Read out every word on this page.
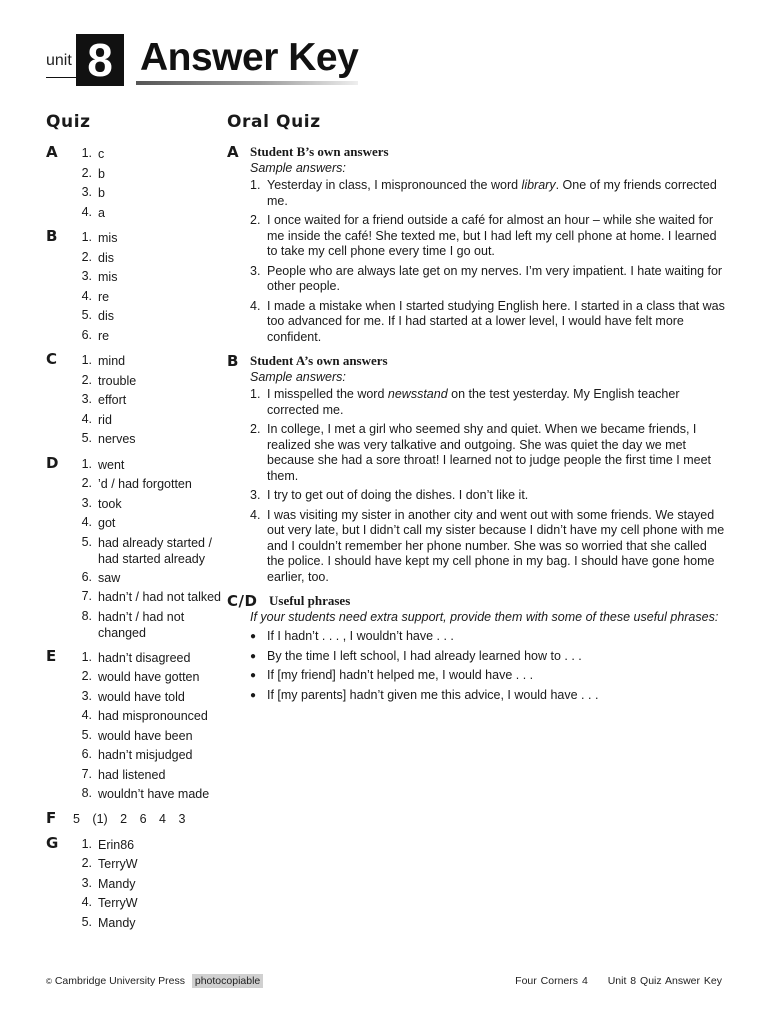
unit 8 Answer Key
Quiz
A	1. c
2. b
3. b
4. a
B	1. mis
2. dis
3. mis
4. re
5. dis
6. re
C	1. mind
2. trouble
3. effort
4. rid
5. nerves
D	1. went
2. ’d / had forgotten
3. took
4. got
5. had already started / had started already
6. saw
7. hadn’t / had not talked
8. hadn’t / had not changed
E	1. hadn’t disagreed
2. would have gotten
3. would have told
4. had mispronounced
5. would have been
6. hadn’t misjudged
7. had listened
8. wouldn’t have made
F	5 (1) 2 6 4 3
G	1. Erin86
2. TerryW
3. Mandy
4. TerryW
5. Mandy
Oral Quiz
A Student B’s own answers
Sample answers:
1. Yesterday in class, I mispronounced the word library. One of my friends corrected me.
2. I once waited for a friend outside a café for almost an hour – while she waited for me inside the café! She texted me, but I had left my cell phone at home. I learned to take my cell phone every time I go out.
3. People who are always late get on my nerves. I’m very impatient. I hate waiting for other people.
4. I made a mistake when I started studying English here. I started in a class that was too advanced for me. If I had started at a lower level, I would have felt more confident.
B Student A’s own answers
Sample answers:
1. I misspelled the word newsstand on the test yesterday. My English teacher corrected me.
2. In college, I met a girl who seemed shy and quiet. When we became friends, I realized she was very talkative and outgoing. She was quiet the day we met because she had a sore throat! I learned not to judge people the first time I meet them.
3. I try to get out of doing the dishes. I don’t like it.
4. I was visiting my sister in another city and went out with some friends. We stayed out very late, but I didn’t call my sister because I didn’t have my cell phone with me and I couldn’t remember her phone number. She was so worried that she called the police. I should have kept my cell phone in my bag. I should have gone home earlier, too.
C/D Useful phrases
If your students need extra support, provide them with some of these useful phrases:
● If I hadn’t . . . , I wouldn’t have . . .
● By the time I left school, I had already learned how to . . .
● If [my friend] hadn’t helped me, I would have . . .
● If [my parents] hadn’t given me this advice, I would have . . .
© Cambridge University Press photocopiable	Four Corners 4 Unit 8 Quiz Answer Key
